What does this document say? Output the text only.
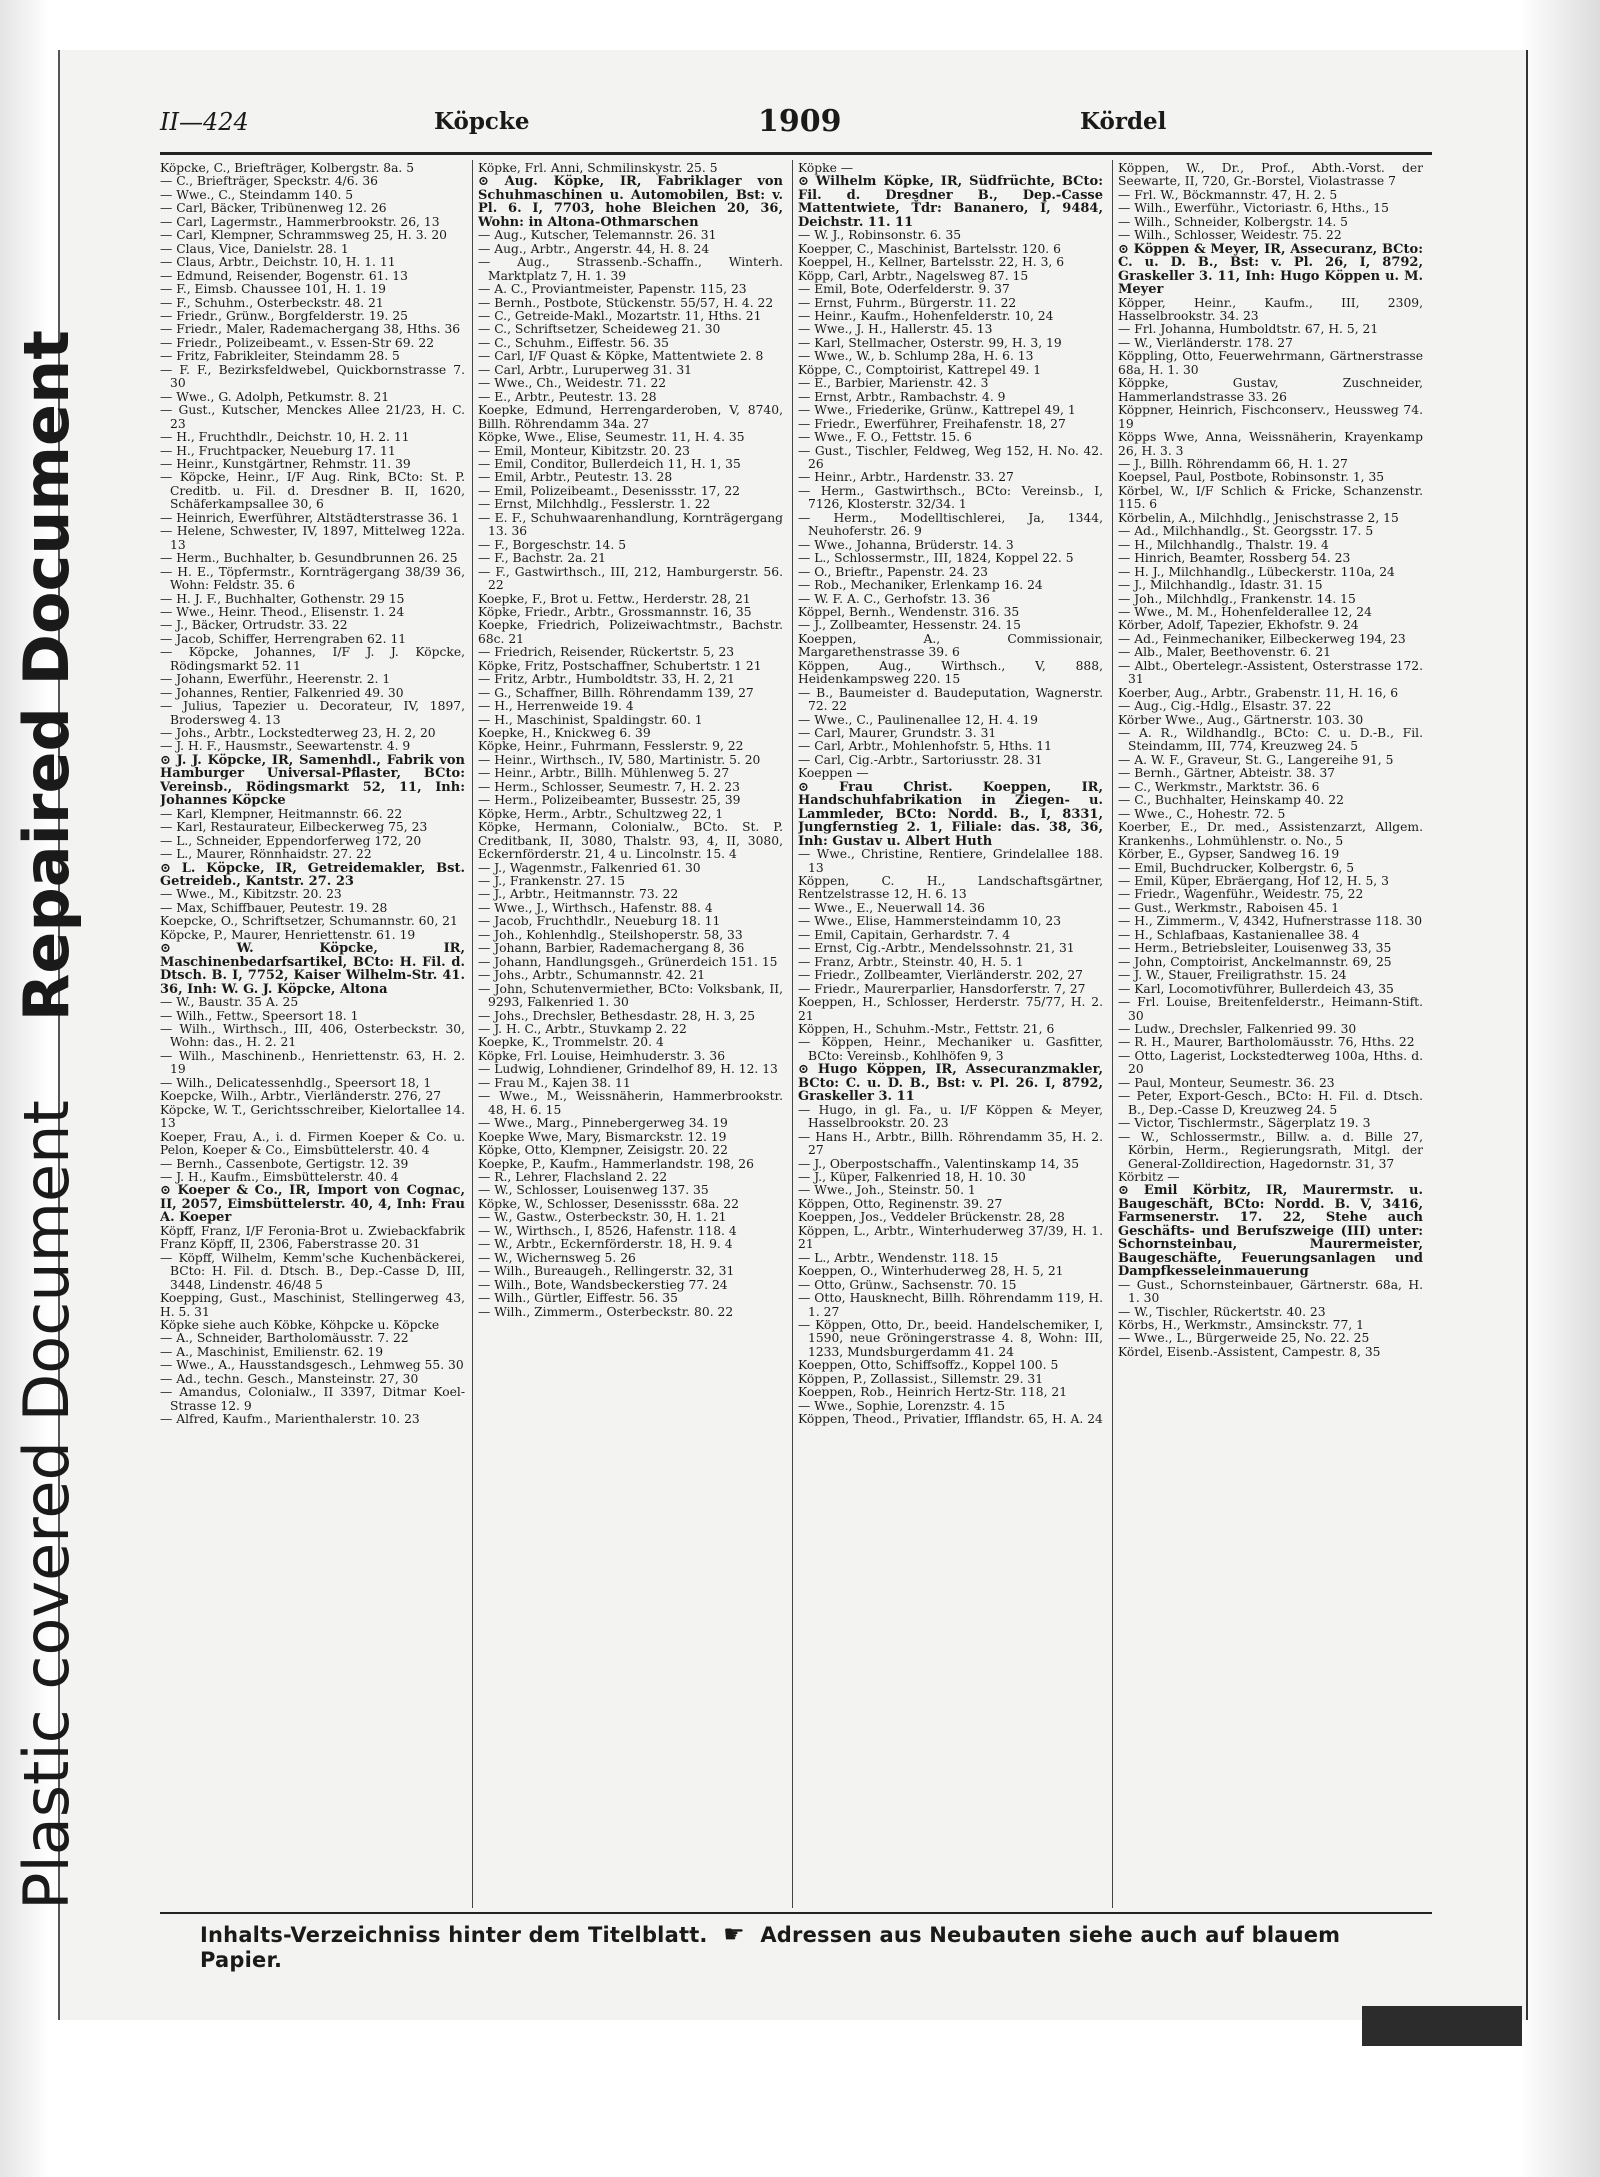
Plastic covered Document    Repaired Document
II—424	Köpcke	1909	Kördel

Köpcke, C., Briefträger, Kolbergstr. 8a. 5

— C., Briefträger, Speckstr. 4/6. 36

— Wwe., C., Steindamm 140. 5

— Carl, Bäcker, Tribünenweg 12. 26

— Carl, Lagermstr., Hammerbrookstr. 26, 13

— Carl, Klempner, Schrammsweg 25, H. 3. 20

— Claus, Vice, Danielstr. 28. 1

— Claus, Arbtr., Deichstr. 10, H. 1. 11

— Edmund, Reisender, Bogenstr. 61. 13

— F., Eimsb. Chaussee 101, H. 1. 19

— F., Schuhm., Osterbeckstr. 48. 21

— Friedr., Grünw., Borgfelderstr. 19. 25

— Friedr., Maler, Rademachergang 38, Hths. 36

— Friedr., Polizeibeamt., v. Essen-Str 69. 22

— Fritz, Fabrikleiter, Steindamm 28. 5

— F. F., Bezirksfeldwebel, Quickbornstrasse 7. 30

— Wwe., G. Adolph, Petkumstr. 8. 21

— Gust., Kutscher, Menckes Allee 21/23, H. C. 23

— H., Fruchthdlr., Deichstr. 10, H. 2. 11

— H., Fruchtpacker, Neueburg 17. 11

— Heinr., Kunstgärtner, Rehmstr. 11. 39

— Köpcke, Heinr., I/F Aug. Rink, BCto: St. P. Creditb. u. Fil. d. Dresdner B. II, 1620, Schäferkampsallee 30, 6

— Heinrich, Ewerführer, Altstädterstrasse 36. 1

— Helene, Schwester, IV, 1897, Mittelweg 122a. 13

— Herm., Buchhalter, b. Gesundbrunnen 26. 25

— H. E., Töpfermstr., Kornträgergang 38/39 36, Wohn: Feldstr. 35. 6

— H. J. F., Buchhalter, Gothenstr. 29 15

— Wwe., Heinr. Theod., Elisenstr. 1. 24

— J., Bäcker, Ortrudstr. 33. 22

— Jacob, Schiffer, Herrengraben 62. 11

— Köpcke, Johannes, I/F J. J. Köpcke, Rödingsmarkt 52. 11

— Johann, Ewerführ., Heerenstr. 2. 1

— Johannes, Rentier, Falkenried 49. 30

— Julius, Tapezier u. Decorateur, IV, 1897, Brodersweg 4. 13

— Johs., Arbtr., Lockstedterweg 23, H. 2, 20

— J. H. F., Hausmstr., Seewartenstr. 4. 9

⊙ J. J. Köpcke, IR, Samenhdl., Fabrik von Hamburger Universal-Pflaster, BCto: Vereinsb., Rödingsmarkt 52, 11, Inh: Johannes Köpcke

— Karl, Klempner, Heitmannstr. 66. 22

— Karl, Restaurateur, Eilbeckerweg 75, 23

— L., Schneider, Eppendorferweg 172, 20

— L., Maurer, Rönnhaidstr. 27. 22

⊙ L. Köpcke, IR, Getreidemakler, Bst. Getreideb., Kantstr. 27. 23

— Wwe., M., Kibitzstr. 20. 23

— Max, Schiffbauer, Peutestr. 19. 28

Koepcke, O., Schriftsetzer, Schumannstr. 60, 21

Köpcke, P., Maurer, Henriettenstr. 61. 19

⊙ W. Köpcke, IR, Maschinenbedarfsartikel, BCto: H. Fil. d. Dtsch. B. I, 7752, Kaiser Wilhelm-Str. 41. 36, Inh: W. G. J. Köpcke, Altona

— W., Baustr. 35 A. 25

— Wilh., Fettw., Speersort 18. 1

— Wilh., Wirthsch., III, 406, Osterbeckstr. 30, Wohn: das., H. 2. 21

— Wilh., Maschinenb., Henriettenstr. 63, H. 2. 19

— Wilh., Delicatessenhdlg., Speersort 18, 1

Koepcke, Wilh., Arbtr., Vierländerstr. 276, 27

Köpcke, W. T., Gerichtsschreiber, Kielortallee 14. 13

Koeper, Frau, A., i. d. Firmen Koeper & Co. u. Pelon, Koeper & Co., Eimsbüttelerstr. 40. 4

— Bernh., Cassenbote, Gertigstr. 12. 39

— J. H., Kaufm., Eimsbüttelerstr. 40. 4

⊙ Koeper & Co., IR, Import von Cognac, II, 2057, Eimsbüttelerstr. 40, 4, Inh: Frau A. Koeper

Köpff, Franz, I/F Feronia-Brot u. Zwiebackfabrik Franz Köpff, II, 2306, Faberstrasse 20. 31

— Köpff, Wilhelm, Kemm'sche Kuchenbäckerei, BCto: H. Fil. d. Dtsch. B., Dep.-Casse D, III, 3448, Lindenstr. 46/48 5

Koepping, Gust., Maschinist, Stellingerweg 43, H. 5. 31

Köpke siehe auch Köbke, Köhpcke u. Köpcke

— A., Schneider, Bartholomäusstr. 7. 22

— A., Maschinist, Emilienstr. 62. 19

— Wwe., A., Hausstandsgesch., Lehmweg 55. 30

— Ad., techn. Gesch., Mansteinstr. 27, 30

— Amandus, Colonialw., II 3397, Ditmar Koel-Strasse 12. 9

— Alfred, Kaufm., Marienthalerstr. 10. 23

Köpke, Frl. Anni, Schmilinskystr. 25. 5

⊙ Aug. Köpke, IR, Fabriklager von Schuhmaschinen u. Automobilen, Bst: v. Pl. 6. I, 7703, hohe Bleichen 20, 36, Wohn: in Altona-Othmarschen

— Aug., Kutscher, Telemannstr. 26. 31

— Aug., Arbtr., Angerstr. 44, H. 8. 24

— Aug., Strassenb.-Schaffn., Winterh. Marktplatz 7, H. 1. 39

— A. C., Proviantmeister, Papenstr. 115, 23

— Bernh., Postbote, Stückenstr. 55/57, H. 4. 22

— C., Getreide-Makl., Mozartstr. 11, Hths. 21

— C., Schriftsetzer, Scheideweg 21. 30

— C., Schuhm., Eiffestr. 56. 35

— Carl, I/F Quast & Köpke, Mattentwiete 2. 8

— Carl, Arbtr., Luruperweg 31. 31

— Wwe., Ch., Weidestr. 71. 22

— E., Arbtr., Peutestr. 13. 28

Koepke, Edmund, Herrengarderoben, V, 8740, Billh. Röhrendamm 34a. 27

Köpke, Wwe., Elise, Seumestr. 11, H. 4. 35

— Emil, Monteur, Kibitzstr. 20. 23

— Emil, Conditor, Bullerdeich 11, H. 1, 35

— Emil, Arbtr., Peutestr. 13. 28

— Emil, Polizeibeamt., Desenissstr. 17, 22

— Ernst, Milchhdlg., Fesslerstr. 1. 22

— E. F., Schuhwaarenhandlung, Kornträgergang 13. 36

— F., Borgeschstr. 14. 5

— F., Bachstr. 2a. 21

— F., Gastwirthsch., III, 212, Hamburgerstr. 56. 22

Koepke, F., Brot u. Fettw., Herderstr. 28, 21

Köpke, Friedr., Arbtr., Grossmannstr. 16, 35

Koepke, Friedrich, Polizeiwachtmstr., Bachstr. 68c. 21

— Friedrich, Reisender, Rückertstr. 5, 23

Köpke, Fritz, Postschaffner, Schubertstr. 1 21

— Fritz, Arbtr., Humboldtstr. 33, H. 2, 21

— G., Schaffner, Billh. Röhrendamm 139, 27

— H., Herrenweide 19. 4

— H., Maschinist, Spaldingstr. 60. 1

Koepke, H., Knickweg 6. 39

Köpke, Heinr., Fuhrmann, Fesslerstr. 9, 22

— Heinr., Wirthsch., IV, 580, Martinistr. 5. 20

— Heinr., Arbtr., Billh. Mühlenweg 5. 27

— Herm., Schlosser, Seumestr. 7, H. 2. 23

— Herm., Polizeibeamter, Bussestr. 25, 39

Köpke, Herm., Arbtr., Schultzweg 22, 1

Köpke, Hermann, Colonialw., BCto. St. P. Creditbank, II, 3080, Thalstr. 93, 4, II, 3080, Eckernförderstr. 21, 4 u. Lincolnstr. 15. 4

— J., Wagenmstr., Falkenried 61. 30

— J., Frankenstr. 27. 15

— J., Arbtr., Heitmannstr. 73. 22

— Wwe., J., Wirthsch., Hafenstr. 88. 4

— Jacob, Fruchthdlr., Neueburg 18. 11

— Joh., Kohlenhdlg., Steilshoperstr. 58, 33

— Johann, Barbier, Rademachergang 8, 36

— Johann, Handlungsgeh., Grünerdeich 151. 15

— Johs., Arbtr., Schumannstr. 42. 21

— John, Schutenvermiether, BCto: Volksbank, II, 9293, Falkenried 1. 30

— Johs., Drechsler, Bethesdastr. 28, H. 3, 25

— J. H. C., Arbtr., Stuvkamp 2. 22

Koepke, K., Trommelstr. 20. 4

Köpke, Frl. Louise, Heimhuderstr. 3. 36

— Ludwig, Lohndiener, Grindelhof 89, H. 12. 13

— Frau M., Kajen 38. 11

— Wwe., M., Weissnäherin, Hammerbrookstr. 48, H. 6. 15

— Wwe., Marg., Pinnebergerweg 34. 19

Koepke Wwe, Mary, Bismarckstr. 12. 19

Köpke, Otto, Klempner, Zeisigstr. 20. 22

Koepke, P., Kaufm., Hammerlandstr. 198, 26

— R., Lehrer, Flachsland 2. 22

— W., Schlosser, Louisenweg 137. 35

Köpke, W., Schlosser, Desenissstr. 68a. 22

— W., Gastw., Osterbeckstr. 30, H. 1. 21

— W., Wirthsch., I, 8526, Hafenstr. 118. 4

— W., Arbtr., Eckernförderstr. 18, H. 9. 4

— W., Wichernsweg 5. 26

— Wilh., Bureaugeh., Rellingerstr. 32, 31

— Wilh., Bote, Wandsbeckerstieg 77. 24

— Wilh., Gürtler, Eiffestr. 56. 35

— Wilh., Zimmerm., Osterbeckstr. 80. 22

Köpke —

⊙ Wilhelm Köpke, IR, Südfrüchte, BCto: Fil. d. Dresdner B., Dep.-Casse Mattentwiete, Ťdr: Bananero, I, 9484, Deichstr. 11. 11

— W. J., Robinsonstr. 6. 35

Koepper, C., Maschinist, Bartelsstr. 120. 6

Koeppel, H., Kellner, Bartelsstr. 22, H. 3, 6

Köpp, Carl, Arbtr., Nagelsweg 87. 15

— Emil, Bote, Oderfelderstr. 9. 37

— Ernst, Fuhrm., Bürgerstr. 11. 22

— Heinr., Kaufm., Hohenfelderstr. 10, 24

— Wwe., J. H., Hallerstr. 45. 13

— Karl, Stellmacher, Osterstr. 99, H. 3, 19

— Wwe., W., b. Schlump 28a, H. 6. 13

Köppe, C., Comptoirist, Kattrepel 49. 1

— E., Barbier, Marienstr. 42. 3

— Ernst, Arbtr., Rambachstr. 4. 9

— Wwe., Friederike, Grünw., Kattrepel 49, 1

— Friedr., Ewerführer, Freihafenstr. 18, 27

— Wwe., F. O., Fettstr. 15. 6

— Gust., Tischler, Feldweg, Weg 152, H. No. 42. 26

— Heinr., Arbtr., Hardenstr. 33. 27

— Herm., Gastwirthsch., BCto: Vereinsb., I, 7126, Klosterstr. 32/34. 1

— Herm., Modelltischlerei, Ja, 1344, Neuhoferstr. 26. 9

— Wwe., Johanna, Brüderstr. 14. 3

— L., Schlossermstr., III, 1824, Koppel 22. 5

— O., Brieftr., Papenstr. 24. 23

— Rob., Mechaniker, Erlenkamp 16. 24

— W. F. A. C., Gerhofstr. 13. 36

Köppel, Bernh., Wendenstr. 316. 35

— J., Zollbeamter, Hessenstr. 24. 15

Koeppen, A., Commissionair, Margarethenstrasse 39. 6

Köppen, Aug., Wirthsch., V, 888, Heidenkampsweg 220. 15

— B., Baumeister d. Baudeputation, Wagnerstr. 72. 22

— Wwe., C., Paulinenallee 12, H. 4. 19

— Carl, Maurer, Grundstr. 3. 31

— Carl, Arbtr., Mohlenhofstr. 5, Hths. 11

— Carl, Cig.-Arbtr., Sartoriusstr. 28. 31

Koeppen —

⊙ Frau Christ. Koeppen, IR, Handschuhfabrikation in Ziegen- u. Lammleder, BCto: Nordd. B., I, 8331, Jungfernstieg 2. 1, Filiale: das. 38, 36, Inh: Gustav u. Albert Huth

— Wwe., Christine, Rentiere, Grindelallee 188. 13

Köppen, C. H., Landschaftsgärtner, Rentzelstrasse 12, H. 6. 13

— Wwe., E., Neuerwall 14. 36

— Wwe., Elise, Hammersteindamm 10, 23

— Emil, Capitain, Gerhardstr. 7. 4

— Ernst, Cig.-Arbtr., Mendelssohnstr. 21, 31

— Franz, Arbtr., Steinstr. 40, H. 5. 1

— Friedr., Zollbeamter, Vierländerstr. 202, 27

— Friedr., Maurerparlier, Hansdorferstr. 7, 27

Koeppen, H., Schlosser, Herderstr. 75/77, H. 2. 21

Köppen, H., Schuhm.-Mstr., Fettstr. 21, 6

— Köppen, Heinr., Mechaniker u. Gasfitter, BCto: Vereinsb., Kohlhöfen 9, 3

⊙ Hugo Köppen, IR, Assecuranzmakler, BCto: C. u. D. B., Bst: v. Pl. 26. I, 8792, Graskeller 3. 11

— Hugo, in gl. Fa., u. I/F Köppen & Meyer, Hasselbrookstr. 20. 23

— Hans H., Arbtr., Billh. Röhrendamm 35, H. 2. 27

— J., Oberpostschaffn., Valentinskamp 14, 35

— J., Küper, Falkenried 18, H. 10. 30

— Wwe., Joh., Steinstr. 50. 1

Köppen, Otto, Reginenstr. 39. 27

Koeppen, Jos., Veddeler Brückenstr. 28, 28

Köppen, L., Arbtr., Winterhuderweg 37/39, H. 1. 21

— L., Arbtr., Wendenstr. 118. 15

Koeppen, O., Winterhuderweg 28, H. 5, 21

— Otto, Grünw., Sachsenstr. 70. 15

— Otto, Hausknecht, Billh. Röhrendamm 119, H. 1. 27

— Köppen, Otto, Dr., beeid. Handelschemiker, I, 1590, neue Gröningerstrasse 4. 8, Wohn: III, 1233, Mundsburgerdamm 41. 24

Koeppen, Otto, Schiffsoffz., Koppel 100. 5

Köppen, P., Zollassist., Sillemstr. 29. 31

Koeppen, Rob., Heinrich Hertz-Str. 118, 21

— Wwe., Sophie, Lorenzstr. 4. 15

Köppen, Theod., Privatier, Ifflandstr. 65, H. A. 24

Köppen, W., Dr., Prof., Abth.-Vorst. der Seewarte, II, 720, Gr.-Borstel, Violastrasse 7

— Frl. W., Böckmannstr. 47, H. 2. 5

— Wilh., Ewerführ., Victoriastr. 6, Hths., 15

— Wilh., Schneider, Kolbergstr. 14. 5

— Wilh., Schlosser, Weidestr. 75. 22

⊙ Köppen & Meyer, IR, Assecuranz, BCto: C. u. D. B., Bst: v. Pl. 26, I, 8792, Graskeller 3. 11, Inh: Hugo Köppen u. M. Meyer

Köpper, Heinr., Kaufm., III, 2309, Hasselbrookstr. 34. 23

— Frl. Johanna, Humboldtstr. 67, H. 5, 21

— W., Vierländerstr. 178. 27

Köppling, Otto, Feuerwehrmann, Gärtnerstrasse 68a, H. 1. 30

Köppke, Gustav, Zuschneider, Hammerlandstrasse 33. 26

Köppner, Heinrich, Fischconserv., Heussweg 74. 19

Köpps Wwe, Anna, Weissnäherin, Krayenkamp 26, H. 3. 3

— J., Billh. Röhrendamm 66, H. 1. 27

Koepsel, Paul, Postbote, Robinsonstr. 1, 35

Körbel, W., I/F Schlich & Fricke, Schanzenstr. 115. 6

Körbelin, A., Milchhdlg., Jenischstrasse 2, 15

— Ad., Milchhandlg., St. Georgsstr. 17. 5

— H., Milchhandlg., Thalstr. 19. 4

— Hinrich, Beamter, Rossberg 54. 23

— H. J., Milchhandlg., Lübeckerstr. 110a, 24

— J., Milchhandlg., Idastr. 31. 15

— Joh., Milchhdlg., Frankenstr. 14. 15

— Wwe., M. M., Hohenfelderallee 12, 24

Körber, Adolf, Tapezier, Ekhofstr. 9. 24

— Ad., Feinmechaniker, Eilbeckerweg 194, 23

— Alb., Maler, Beethovenstr. 6. 21

— Albt., Obertelegr.-Assistent, Osterstrasse 172. 31

Koerber, Aug., Arbtr., Grabenstr. 11, H. 16, 6

— Aug., Cig.-Hdlg., Elsastr. 37. 22

Körber Wwe., Aug., Gärtnerstr. 103. 30

— A. R., Wildhandlg., BCto: C. u. D.-B., Fil. Steindamm, III, 774, Kreuzweg 24. 5

— A. W. F., Graveur, St. G., Langereihe 91, 5

— Bernh., Gärtner, Abteistr. 38. 37

— C., Werkmstr., Marktstr. 36. 6

— C., Buchhalter, Heinskamp 40. 22

— Wwe., C., Hohestr. 72. 5

Koerber, E., Dr. med., Assistenzarzt, Allgem. Krankenhs., Lohmühlenstr. o. No., 5

Körber, E., Gypser, Sandweg 16. 19

— Emil, Buchdrucker, Kolbergstr. 6, 5

— Emil, Küper, Ebräergang, Hof 12, H. 5, 3

— Friedr., Wagenführ., Weidestr. 75, 22

— Gust., Werkmstr., Raboisen 45. 1

— H., Zimmerm., V, 4342, Hufnerstrasse 118. 30

— H., Schlafbaas, Kastanienallee 38. 4

— Herm., Betriebsleiter, Louisenweg 33, 35

— John, Comptoirist, Anckelmannstr. 69, 25

— J. W., Stauer, Freiligrathstr. 15. 24

— Karl, Locomotivführer, Bullerdeich 43, 35

— Frl. Louise, Breitenfelderstr., Heimann-Stift. 30

— Ludw., Drechsler, Falkenried 99. 30

— R. H., Maurer, Bartholomäusstr. 76, Hths. 22

— Otto, Lagerist, Lockstedterweg 100a, Hths. d. 20

— Paul, Monteur, Seumestr. 36. 23

— Peter, Export-Gesch., BCto: H. Fil. d. Dtsch. B., Dep.-Casse D, Kreuzweg 24. 5

— Victor, Tischlermstr., Sägerplatz 19. 3

— W., Schlossermstr., Billw. a. d. Bille 27, Körbin, Herm., Regierungsrath, Mitgl. der General-Zolldirection, Hagedornstr. 31, 37

Körbitz —

⊙ Emil Körbitz, IR, Maurermstr. u. Baugeschäft, BCto: Nordd. B. V, 3416, Farmsenerstr. 17. 22, Stehe auch Geschäfts- und Berufszweige (III) unter: Schornsteinbau, Maurermeister, Baugeschäfte, Feuerungsanlagen und Dampfkesseleinmauerung

— Gust., Schornsteinbauer, Gärtnerstr. 68a, H. 1. 30

— W., Tischler, Rückertstr. 40. 23

Körbs, H., Werkmstr., Amsinckstr. 77, 1

— Wwe., L., Bürgerweide 25, No. 22. 25

Kördel, Eisenb.-Assistent, Campestr. 8, 35

Inhalts-Verzeichniss hinter dem Titelblatt. ☛ Adressen aus Neubauten siehe auch auf blauem Papier.
